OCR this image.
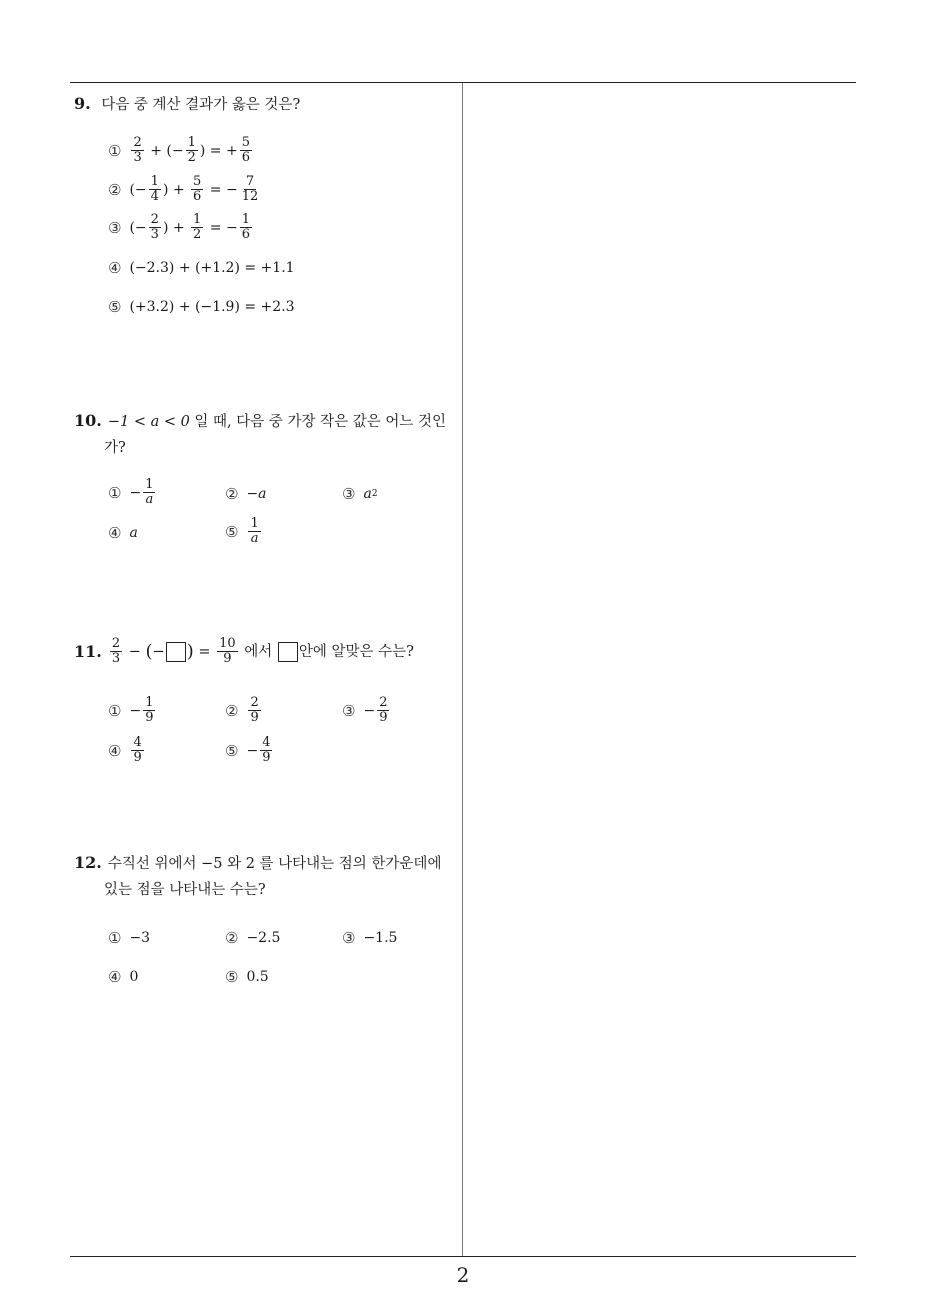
2
9. 다음 중 계산 결과가 옳은 것은?
① $\frac{2}{3}$
+ (− $\frac{1}{2}$ ) = + $\frac{5}{6}$
② (− $\frac{1}{4}$ ) +
$\frac{5}{6}$ = − $\frac{7}{12}$
③ (− $\frac{2}{3}$ ) +
$\frac{1}{2}$ = − $\frac{1}{6}$
④ (−2.3) + (+1.2) = +1.1
⑤ (+3.2) + (−1.9) = +2.3
10. −1 < a < 0 일 때, 다음 중 가장 작은 값은 어느 것인
가?
① − $\frac{1}{a}$	② −a	③ a 2
④ a	⑤ $\frac{1}{a}$
11. $\frac{2}{3}$
−
( − )
=
$\frac{10}{9}$ 에서 안에 알맞은 수는?
① − $\frac{1}{9}$	② $\frac{2}{9}$	③ − $\frac{2}{9}$
④ $\frac{4}{9}$	⑤ − $\frac{4}{9}$
12. 수직선 위에서 −5 와 2 를 나타내는 점의 한가운데에
있는 점을 나타내는 수는?
① −3	② −2.5	③ −1.5
④ 0	⑤ 0.5
